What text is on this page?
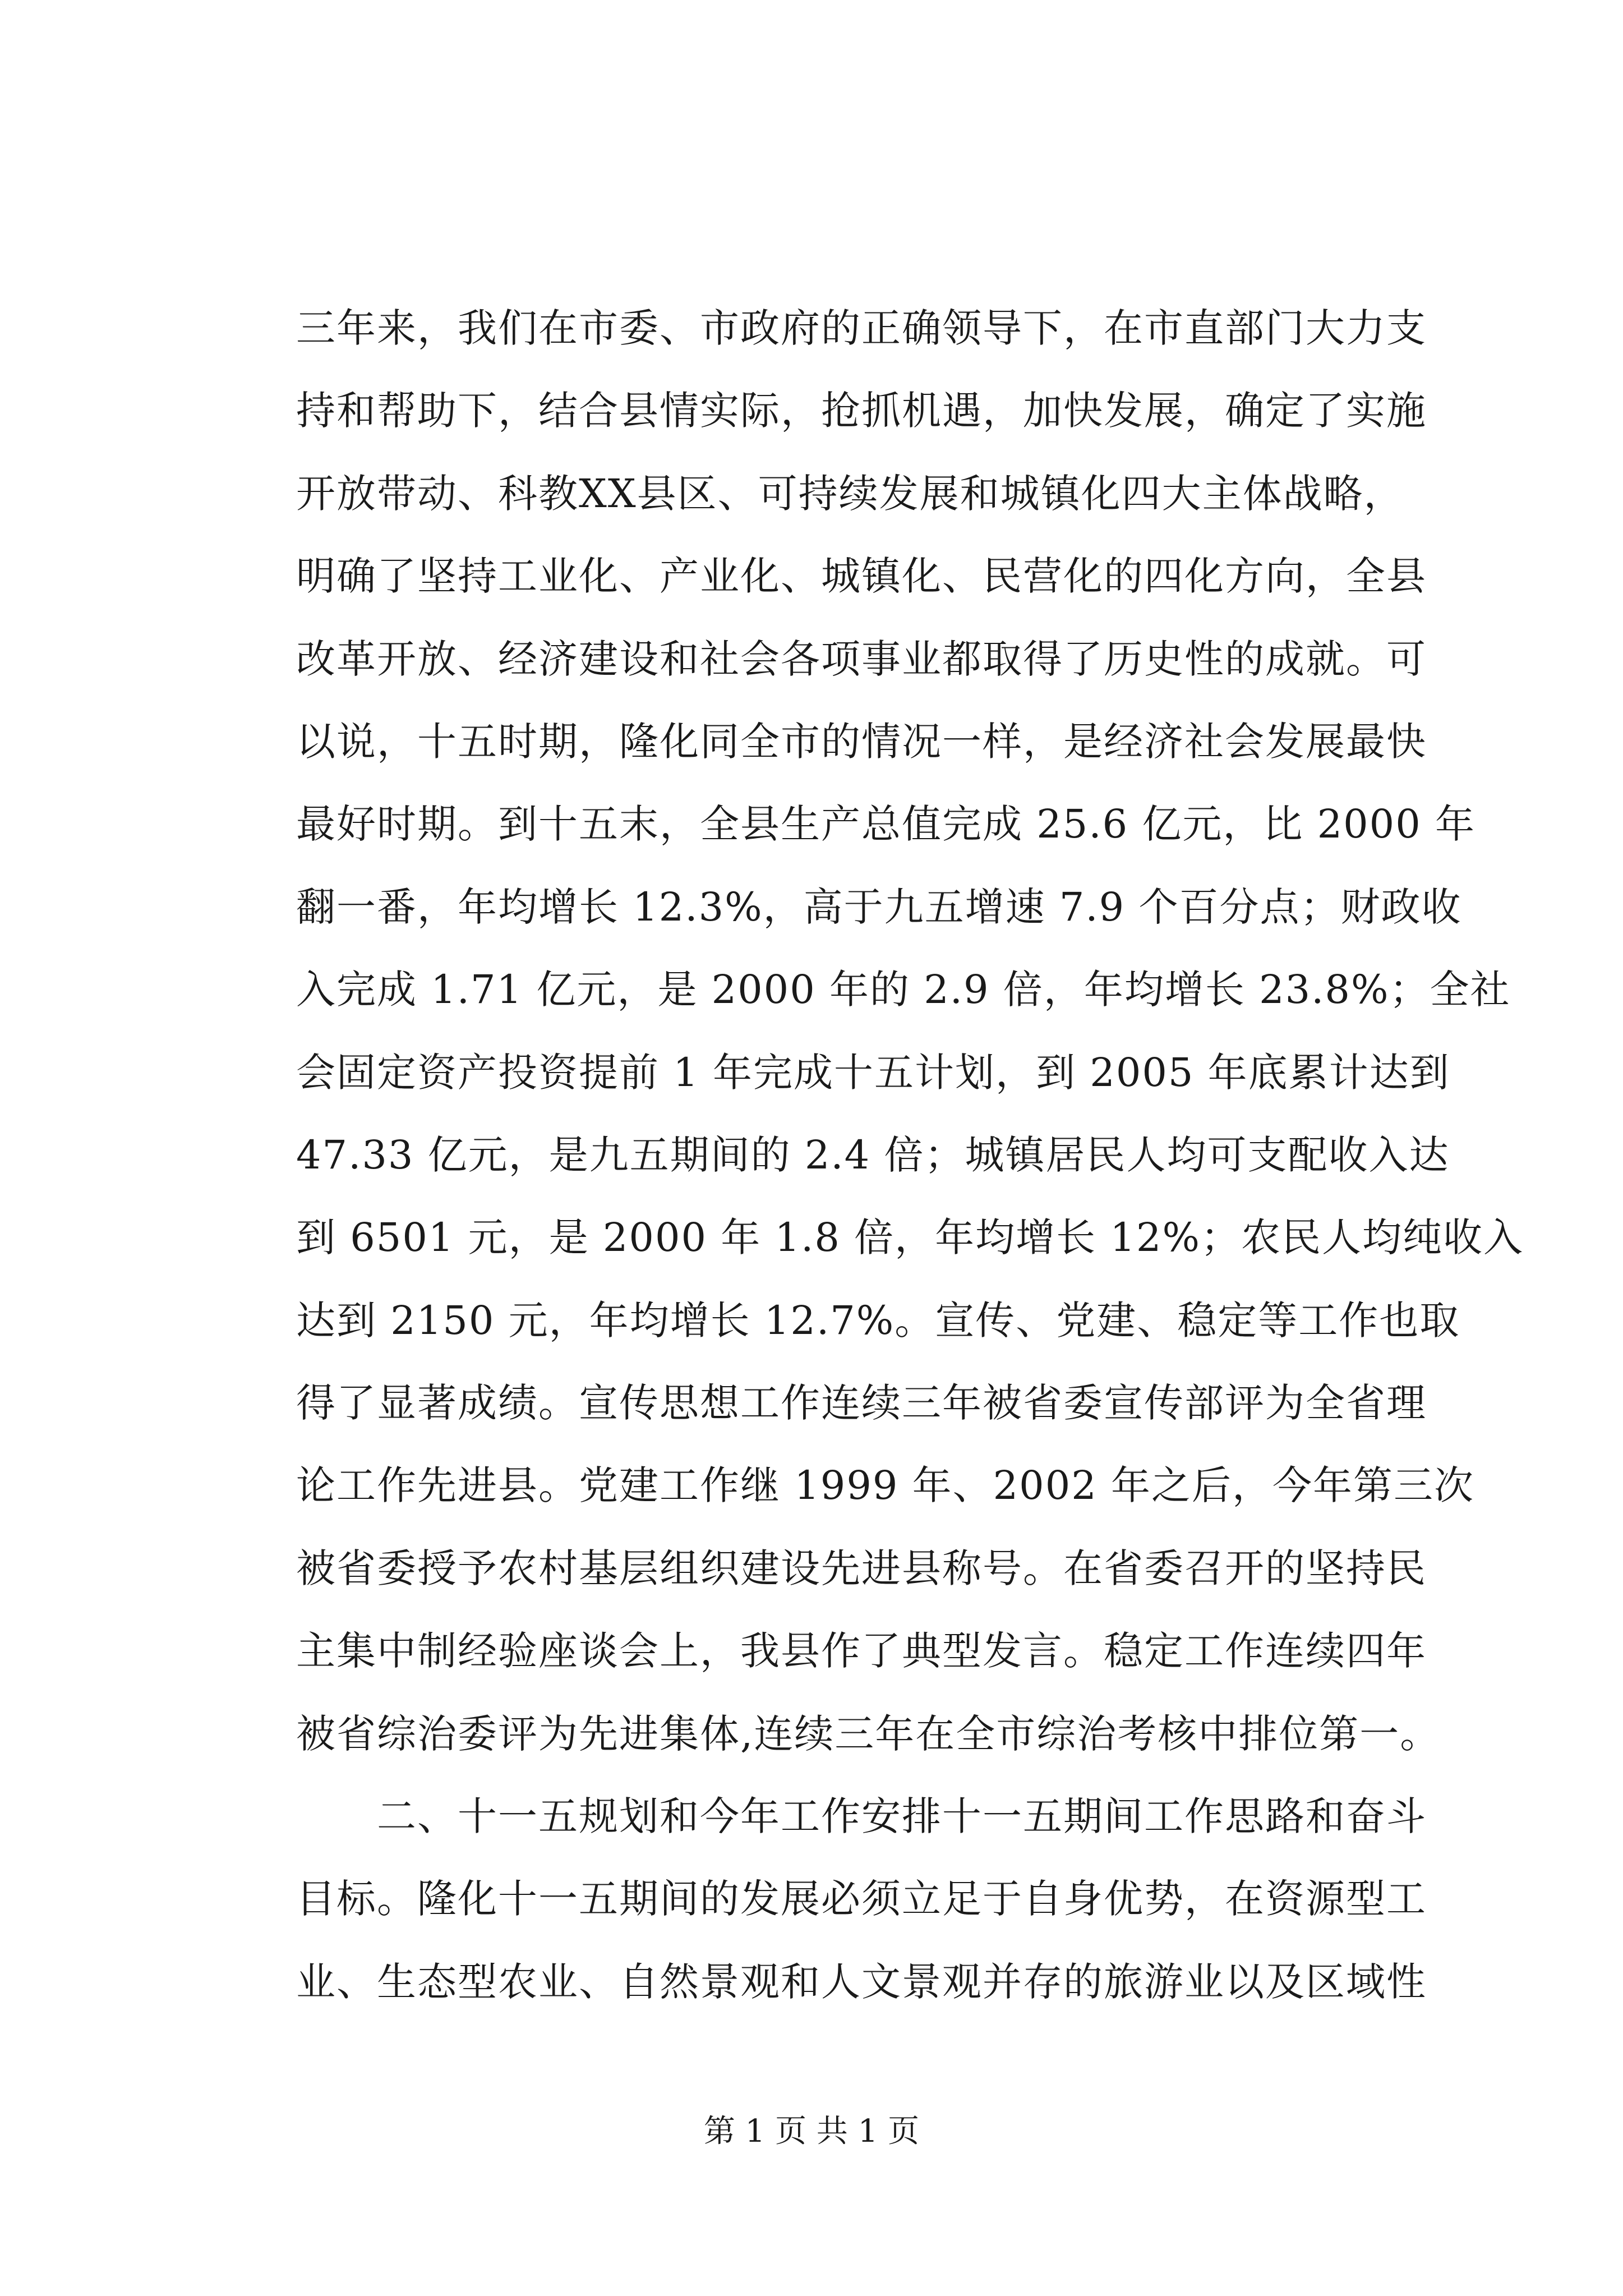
三年来，我们在市委、市政府的正确领导下，在市直部门大力支
持和帮助下，结合县情实际，抢抓机遇，加快发展，确定了实施
开放带动、科教XX县区、可持续发展和城镇化四大主体战略，
明确了坚持工业化、产业化、城镇化、民营化的四化方向，全县
改革开放、经济建设和社会各项事业都取得了历史性的成就。可
以说，十五时期，隆化同全市的情况一样，是经济社会发展最快
最好时期。到十五末，全县生产总值完成 25.6 亿元，比 2000 年
翻一番，年均增长 12.3%，高于九五增速 7.9 个百分点；财政收
入完成 1.71 亿元，是 2000 年的 2.9 倍，年均增长 23.8%；全社
会固定资产投资提前 1 年完成十五计划，到 2005 年底累计达到
47.33 亿元，是九五期间的 2.4 倍；城镇居民人均可支配收入达
到 6501 元，是 2000 年 1.8 倍，年均增长 12%；农民人均纯收入
达到 2150 元，年均增长 12.7%。宣传、党建、稳定等工作也取
得了显著成绩。宣传思想工作连续三年被省委宣传部评为全省理
论工作先进县。党建工作继 1999 年、2002 年之后，今年第三次
被省委授予农村基层组织建设先进县称号。在省委召开的坚持民
主集中制经验座谈会上，我县作了典型发言。稳定工作连续四年
被省综治委评为先进集体,连续三年在全市综治考核中排位第一。
　　二、十一五规划和今年工作安排十一五期间工作思路和奋斗
目标。隆化十一五期间的发展必须立足于自身优势，在资源型工
业、生态型农业、自然景观和人文景观并存的旅游业以及区域性
第 1 页 共 1 页
